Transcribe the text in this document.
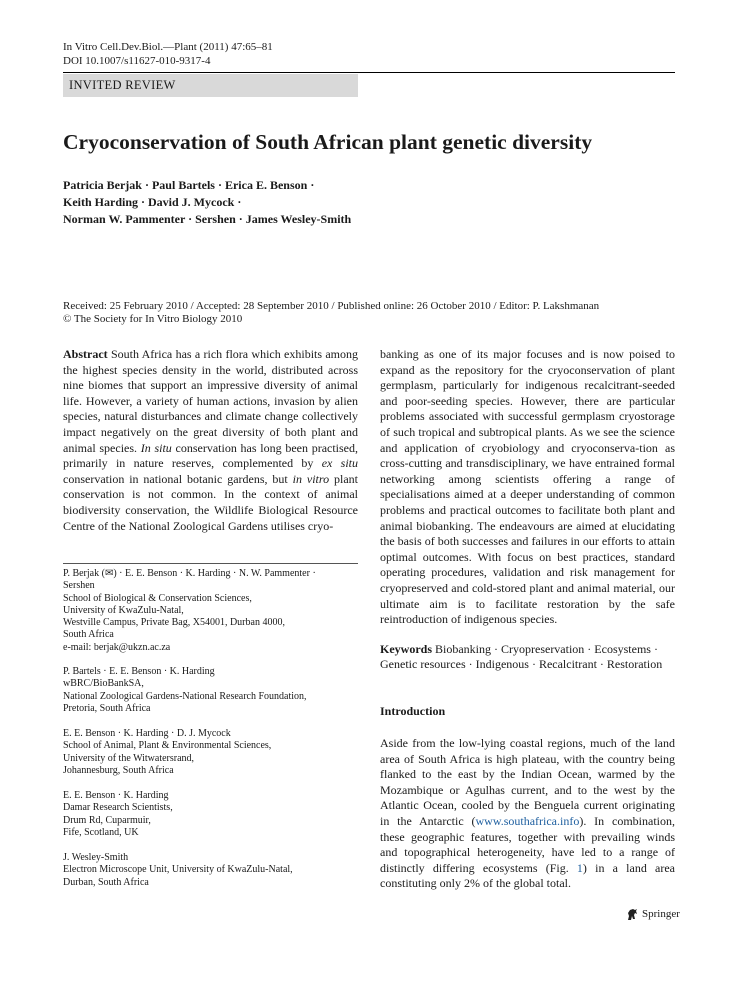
In Vitro Cell.Dev.Biol.—Plant (2011) 47:65–81
DOI 10.1007/s11627-010-9317-4
INVITED REVIEW
Cryoconservation of South African plant genetic diversity
Patricia Berjak · Paul Bartels · Erica E. Benson ·
Keith Harding · David J. Mycock ·
Norman W. Pammenter · Sershen · James Wesley-Smith
Received: 25 February 2010 / Accepted: 28 September 2010 / Published online: 26 October 2010 / Editor: P. Lakshmanan
© The Society for In Vitro Biology 2010

Abstract South Africa has a rich flora which exhibits among the highest species density in the world, distributed across nine biomes that support an impressive diversity of animal life. However, a variety of human actions, invasion by alien species, natural disturbances and climate change collectively impact negatively on the great diversity of both plant and animal species. In situ conservation has long been practised, primarily in nature reserves, complemented by ex situ conservation in national botanic gardens, but in vitro plant conservation is not common. In the context of animal biodiversity conservation, the Wildlife Biological Resource Centre of the National Zoological Gardens utilises cryo-

P. Berjak (✉) · E. E. Benson · K. Harding · N. W. Pammenter ·
Sershen
School of Biological & Conservation Sciences,
University of KwaZulu-Natal,
Westville Campus, Private Bag, X54001, Durban 4000,
South Africa
e-mail: berjak@ukzn.ac.za
P. Bartels · E. E. Benson · K. Harding
wBRC/BioBankSA,
National Zoological Gardens-National Research Foundation,
Pretoria, South Africa
E. E. Benson · K. Harding · D. J. Mycock
School of Animal, Plant & Environmental Sciences,
University of the Witwatersrand,
Johannesburg, South Africa
E. E. Benson · K. Harding
Damar Research Scientists,
Drum Rd, Cuparmuir,
Fife, Scotland, UK
J. Wesley-Smith
Electron Microscope Unit, University of KwaZulu-Natal,
Durban, South Africa

banking as one of its major focuses and is now poised to expand as the repository for the cryoconservation of plant germplasm, particularly for indigenous recalcitrant-seeded and poor-seeding species. However, there are particular problems associated with successful germplasm cryostorage of such tropical and subtropical plants. As we see the science and application of cryobiology and cryoconserva-tion as cross-cutting and transdisciplinary, we have entrained formal networking among scientists offering a range of specialisations aimed at a deeper understanding of common problems and practical outcomes to facilitate both plant and animal biobanking. The endeavours are aimed at elucidating the basis of both successes and failures in our efforts to attain optimal outcomes. With focus on best practices, standard operating procedures, validation and risk management for cryopreserved and cold-stored plant and animal material, our ultimate aim is to facilitate restoration by the safe reintroduction of indigenous species.

Keywords Biobanking · Cryopreservation · Ecosystems ·
Genetic resources · Indigenous · Recalcitrant · Restoration

Introduction

Aside from the low-lying coastal regions, much of the land area of South Africa is high plateau, with the country being flanked to the east by the Indian Ocean, warmed by the Mozambique or Agulhas current, and to the west by the Atlantic Ocean, cooled by the Benguela current originating in the Antarctic (www.southafrica.info). In combination, these geographic features, together with prevailing winds and topographical heterogeneity, have led to a range of distinctly differing ecosystems (Fig. 1) in a land area constituting only 2% of the global total.

Springer
